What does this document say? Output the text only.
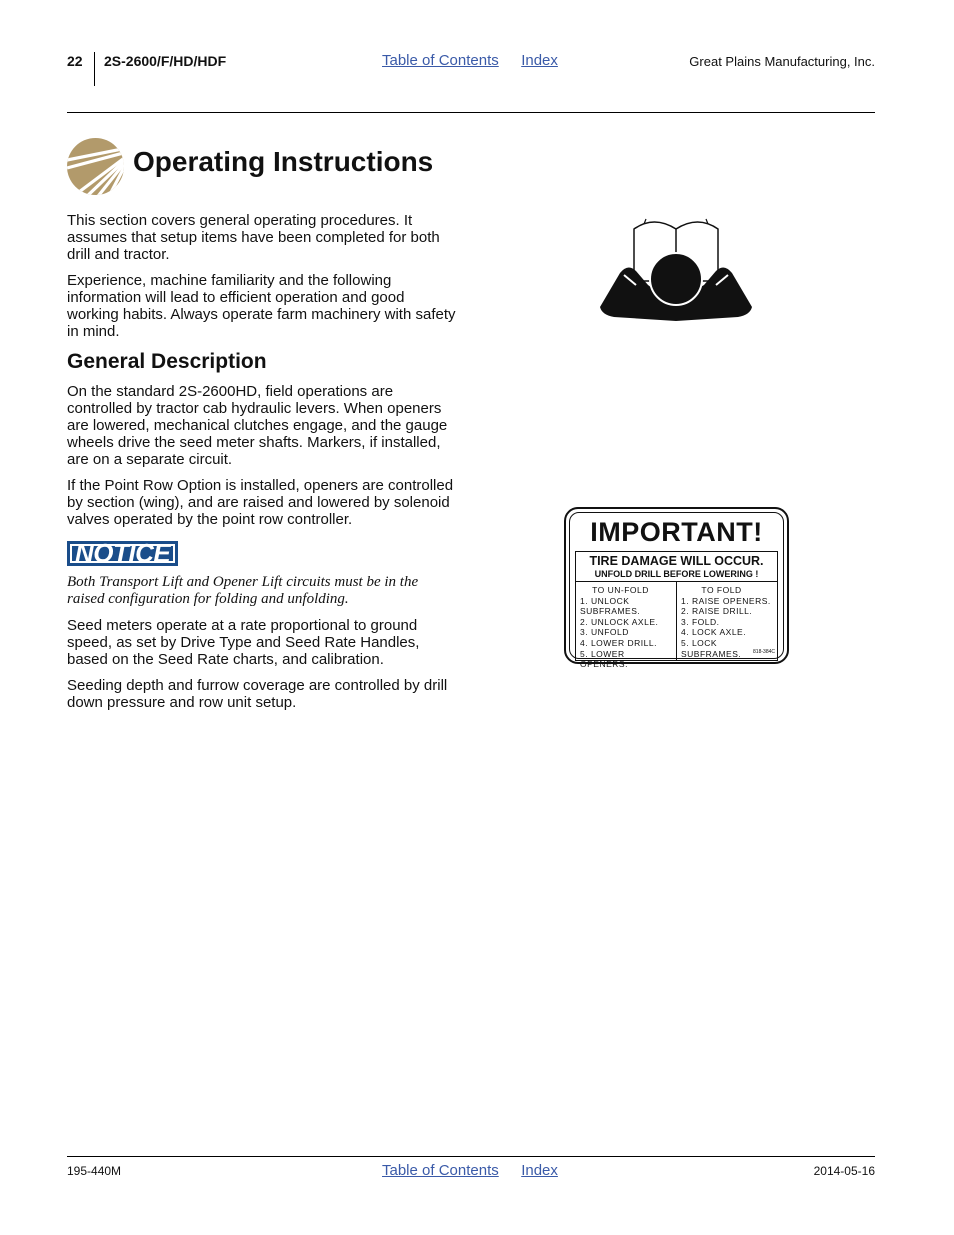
22 2S-2600/F/HD/HDF	Table of Contents Index	Great Plains Manufacturing, Inc.
Operating Instructions

This section covers general operating procedures. It assumes that setup items have been completed for both drill and tractor.

Experience, machine familiarity and the following information will lead to efficient operation and good working habits. Always operate farm machinery with safety in mind.

General Description

On the standard 2S-2600HD, field operations are controlled by tractor cab hydraulic levers. When openers are lowered, mechanical clutches engage, and the gauge wheels drive the seed meter shafts. Markers, if installed, are on a separate circuit.

If the Point Row Option is installed, openers are controlled by section (wing), and are raised and lowered by solenoid valves operated by the point row controller.

NOTICE

Both Transport Lift and Opener Lift circuits must be in the raised configuration for folding and unfolding.

Seed meters operate at a rate proportional to ground speed, as set by Drive Type and Seed Rate Handles, based on the Seed Rate charts, and calibration.

Seeding depth and furrow coverage are controlled by drill down pressure and row unit setup.

IMPORTANT!
TIRE DAMAGE WILL OCCUR.
UNFOLD DRILL BEFORE LOWERING !
TO UN-FOLD
1. UNLOCK SUBFRAMES.
2. UNLOCK AXLE.
3. UNFOLD
4. LOWER DRILL.
5. LOWER OPENERS.
TO FOLD
1. RAISE OPENERS.
2. RAISE DRILL.
3. FOLD.
4. LOCK AXLE.
5. LOCK SUBFRAMES.	818-384C
195-440M	Table of Contents Index	2014-05-16
